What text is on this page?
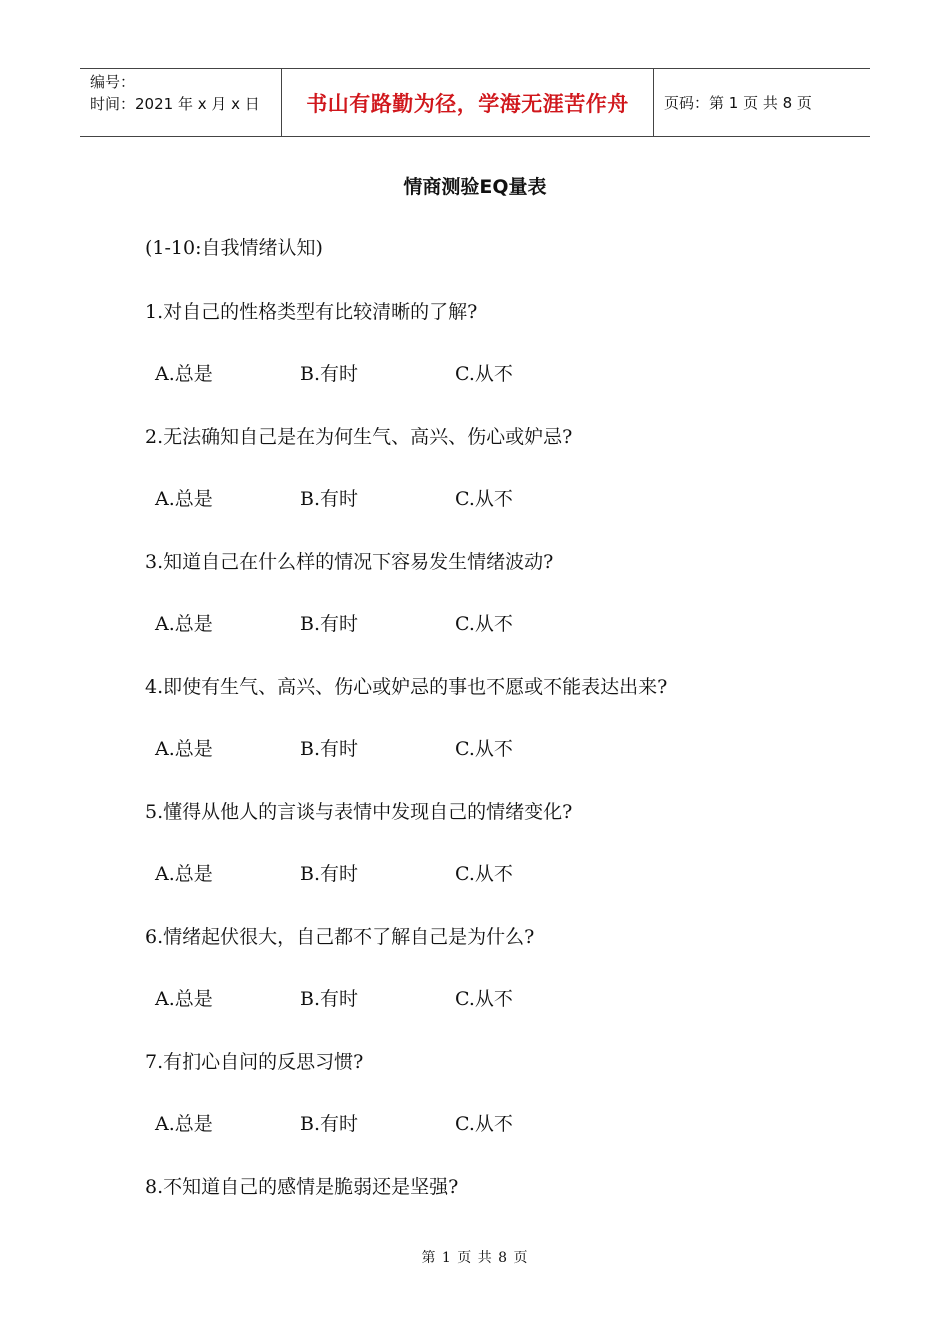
编号：
时间：2021 年 x 月 x 日	书山有路勤为径，学海无涯苦作舟	页码：第 1 页 共 8 页
情商测验EQ量表
(1-10:自我情绪认知)
1.对自己的性格类型有比较清晰的了解?
A.总是	B.有时	C.从不
2.无法确知自己是在为何生气、高兴、伤心或妒忌?
A.总是	B.有时	C.从不
3.知道自己在什么样的情况下容易发生情绪波动?
A.总是	B.有时	C.从不
4.即使有生气、高兴、伤心或妒忌的事也不愿或不能表达出来?
A.总是	B.有时	C.从不
5.懂得从他人的言谈与表情中发现自己的情绪变化?
A.总是	B.有时	C.从不
6.情绪起伏很大，自己都不了解自己是为什么?
A.总是	B.有时	C.从不
7.有扪心自问的反思习惯?
A.总是	B.有时	C.从不
8.不知道自己的感情是脆弱还是坚强?
第 1 页 共 8 页
